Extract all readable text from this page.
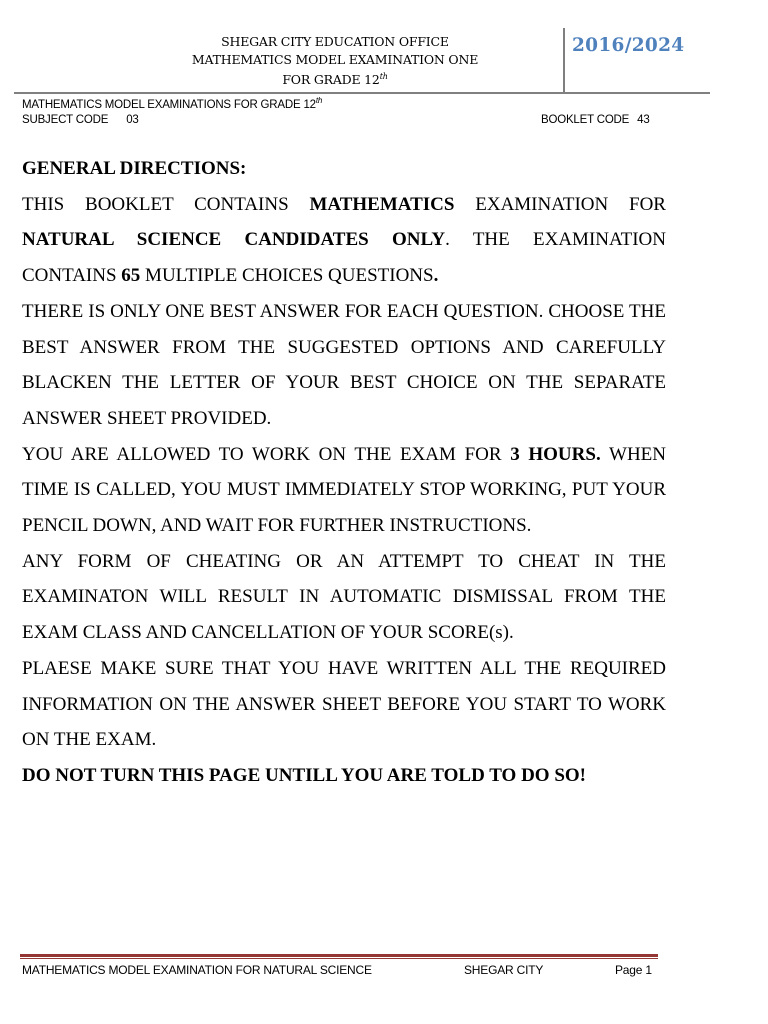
SHEGAR CITY EDUCATION OFFICE
MATHEMATICS MODEL EXAMINATION ONE
FOR GRADE 12th
2016/2024
MATHEMATICS MODEL EXAMINATIONS FOR GRADE 12th
SUBJECT CODE 03	BOOKLET CODE 43

GENERAL DIRECTIONS:

THIS BOOKLET CONTAINS MATHEMATICS EXAMINATION FOR NATURAL SCIENCE CANDIDATES ONLY. THE EXAMINATION CONTAINS 65 MULTIPLE CHOICES QUESTIONS.

THERE IS ONLY ONE BEST ANSWER FOR EACH QUESTION. CHOOSE THE BEST ANSWER FROM THE SUGGESTED OPTIONS AND CAREFULLY BLACKEN THE LETTER OF YOUR BEST CHOICE ON THE SEPARATE ANSWER SHEET PROVIDED.

YOU ARE ALLOWED TO WORK ON THE EXAM FOR 3 HOURS. WHEN TIME IS CALLED, YOU MUST IMMEDIATELY STOP WORKING, PUT YOUR PENCIL DOWN, AND WAIT FOR FURTHER INSTRUCTIONS.

ANY FORM OF CHEATING OR AN ATTEMPT TO CHEAT IN THE EXAMINATON WILL RESULT IN AUTOMATIC DISMISSAL FROM THE EXAM CLASS AND CANCELLATION OF YOUR SCORE(s).

PLAESE MAKE SURE THAT YOU HAVE WRITTEN ALL THE REQUIRED INFORMATION ON THE ANSWER SHEET BEFORE YOU START TO WORK ON THE EXAM.

DO NOT TURN THIS PAGE UNTILL YOU ARE TOLD TO DO SO!

MATHEMATICS MODEL EXAMINATION FOR NATURAL SCIENCE	SHEGAR CITY	Page 1
